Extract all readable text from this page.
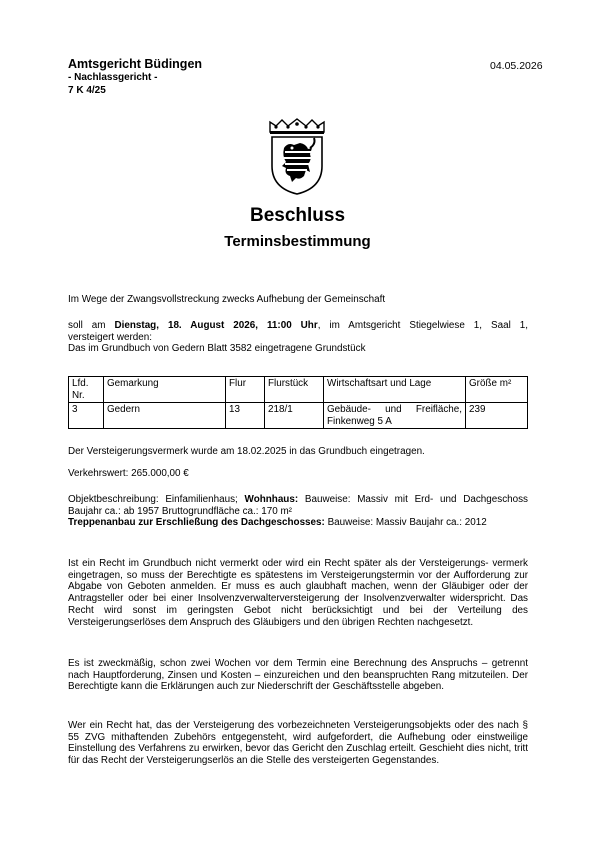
Amtsgericht Büdingen
- Nachlassgericht -
7 K 4/25
04.05.2026
Beschluss
Terminsbestimmung
Im Wege der Zwangsvollstreckung zwecks Aufhebung der Gemeinschaft
soll am Dienstag, 18. August 2026, 11:00 Uhr, im Amtsgericht Stiegelwiese 1, Saal 1,
versteigert werden:
Das im Grundbuch von Gedern Blatt 3582 eingetragene Grundstück
Lfd. Nr.	Gemarkung	Flur	Flurstück	Wirtschaftsart und Lage	Größe m²
3	Gedern	13	218/1	Gebäude- und Freifläche, Finkenweg 5 A	239
Der Versteigerungsvermerk wurde am 18.02.2025 in das Grundbuch eingetragen.
Verkehrswert: 265.000,00 €
Objektbeschreibung: Einfamilienhaus; Wohnhaus: Bauweise: Massiv mit Erd- und Dachgeschoss Baujahr ca.: ab 1957 Bruttogrundfläche ca.: 170 m²
Treppenanbau zur Erschließung des Dachgeschosses: Bauweise: Massiv Baujahr ca.: 2012
Ist ein Recht im Grundbuch nicht vermerkt oder wird ein Recht später als der Versteigerungs- vermerk eingetragen, so muss der Berechtigte es spätestens im Versteigerungstermin vor der Aufforderung zur Abgabe von Geboten anmelden. Er muss es auch glaubhaft machen, wenn der Gläubiger oder der Antragsteller oder bei einer Insolvenzverwalterversteigerung der Insolvenzverwalter widerspricht. Das Recht wird sonst im geringsten Gebot nicht berücksichtigt und bei der Verteilung des Versteigerungserlöses dem Anspruch des Gläubigers und den übrigen Rechten nachgesetzt.
Es ist zweckmäßig, schon zwei Wochen vor dem Termin eine Berechnung des Anspruchs – getrennt nach Hauptforderung, Zinsen und Kosten – einzureichen und den beanspruchten Rang mitzuteilen. Der Berechtigte kann die Erklärungen auch zur Niederschrift der Geschäftsstelle abgeben.
Wer ein Recht hat, das der Versteigerung des vorbezeichneten Versteigerungsobjekts oder des nach § 55 ZVG mithaftenden Zubehörs entgegensteht, wird aufgefordert, die Aufhebung oder einstweilige Einstellung des Verfahrens zu erwirken, bevor das Gericht den Zuschlag erteilt. Geschieht dies nicht, tritt für das Recht der Versteigerungserlös an die Stelle des versteigerten Gegenstandes.
